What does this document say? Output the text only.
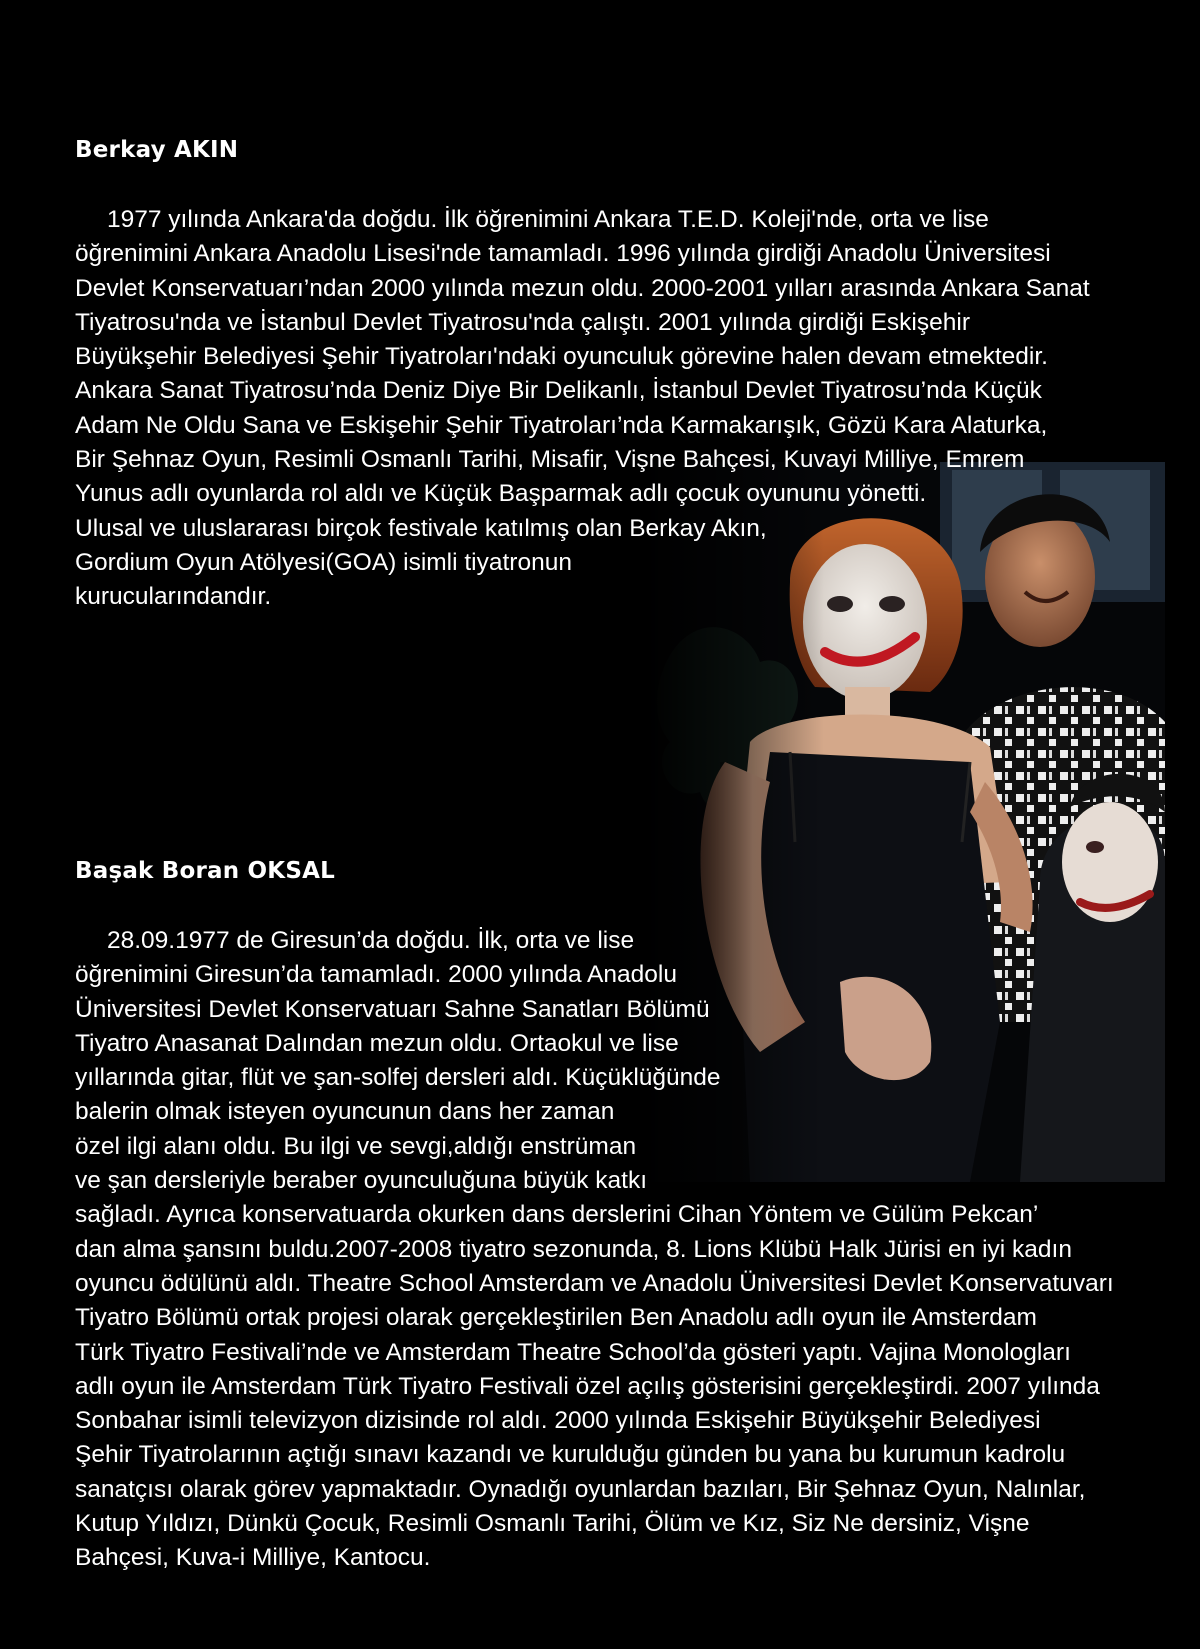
Berkay AKIN
1977 yılında Ankara'da doğdu. İlk öğrenimini Ankara T.E.D. Koleji'nde, orta ve lise
öğrenimini Ankara Anadolu Lisesi'nde tamamladı. 1996 yılında girdiği Anadolu Üniversitesi
Devlet Konservatuarı’ndan 2000 yılında mezun oldu. 2000-2001 yılları arasında Ankara Sanat
Tiyatrosu'nda ve İstanbul Devlet Tiyatrosu'nda çalıştı. 2001 yılında girdiği Eskişehir
Büyükşehir Belediyesi Şehir Tiyatroları'ndaki oyunculuk görevine halen devam etmektedir.
Ankara Sanat Tiyatrosu’nda Deniz Diye Bir Delikanlı, İstanbul Devlet Tiyatrosu’nda Küçük
Adam Ne Oldu Sana ve Eskişehir Şehir Tiyatroları’nda Karmakarışık, Gözü Kara Alaturka,
Bir Şehnaz Oyun, Resimli Osmanlı Tarihi, Misafir, Vişne Bahçesi, Kuvayi Milliye, Emrem
Yunus adlı oyunlarda rol aldı ve Küçük Başparmak adlı çocuk oyununu yönetti.
Ulusal ve uluslararası birçok festivale katılmış olan Berkay Akın,
Gordium Oyun Atölyesi(GOA) isimli tiyatronun
kurucularındandır.
Başak Boran OKSAL
28.09.1977 de Giresun’da doğdu. İlk, orta ve lise
öğrenimini Giresun’da tamamladı. 2000 yılında Anadolu
Üniversitesi Devlet Konservatuarı Sahne Sanatları Bölümü
Tiyatro Anasanat Dalından mezun oldu. Ortaokul ve lise
yıllarında gitar, flüt ve şan-solfej dersleri aldı. Küçüklüğünde
balerin olmak isteyen oyuncunun dans her zaman
özel ilgi alanı oldu. Bu ilgi ve sevgi,aldığı enstrüman
ve şan dersleriyle beraber oyunculuğuna büyük katkı
sağladı. Ayrıca konservatuarda okurken dans derslerini Cihan Yöntem ve Gülüm Pekcan’
dan alma şansını buldu.2007-2008 tiyatro sezonunda, 8. Lions Klübü Halk Jürisi en iyi kadın
oyuncu ödülünü aldı. Theatre School Amsterdam ve Anadolu Üniversitesi Devlet Konservatuvarı
Tiyatro Bölümü ortak projesi olarak gerçekleştirilen Ben Anadolu adlı oyun ile Amsterdam
Türk Tiyatro Festivali’nde ve Amsterdam Theatre School’da gösteri yaptı. Vajina Monologları
adlı oyun ile Amsterdam Türk Tiyatro Festivali özel açılış gösterisini gerçekleştirdi. 2007 yılında
Sonbahar isimli televizyon dizisinde rol aldı. 2000 yılında Eskişehir Büyükşehir Belediyesi
Şehir Tiyatrolarının açtığı sınavı kazandı ve kurulduğu günden bu yana bu kurumun kadrolu
sanatçısı olarak görev yapmaktadır. Oynadığı oyunlardan bazıları, Bir Şehnaz Oyun, Nalınlar,
Kutup Yıldızı, Dünkü Çocuk, Resimli Osmanlı Tarihi, Ölüm ve Kız, Siz Ne dersiniz, Vişne
Bahçesi, Kuva-i Milliye, Kantocu.
